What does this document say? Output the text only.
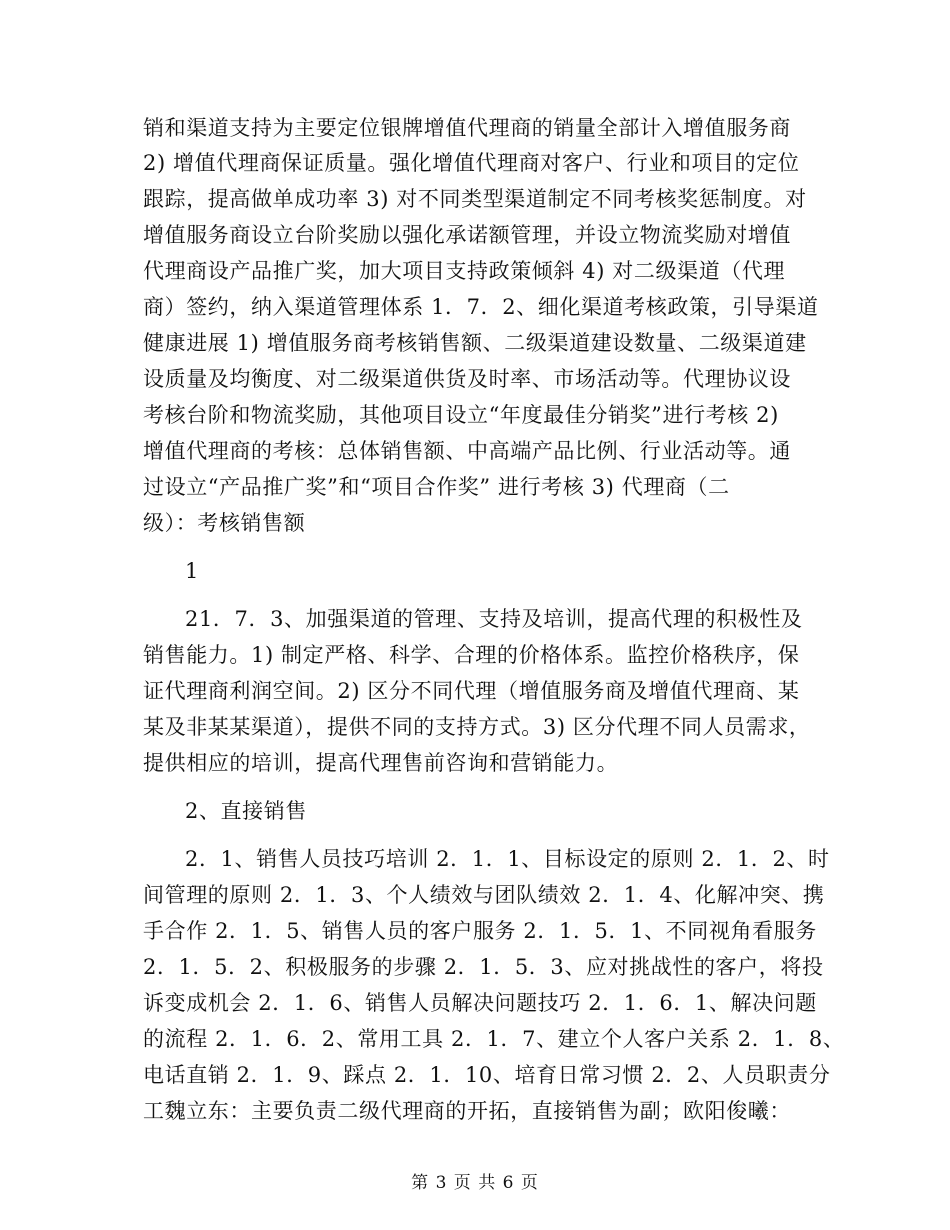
销和渠道支持为主要定位银牌增值代理商的销量全部计入增值服务商
2) 增值代理商保证质量。强化增值代理商对客户、行业和项目的定位
跟踪，提高做单成功率 3) 对不同类型渠道制定不同考核奖惩制度。对
增值服务商设立台阶奖励以强化承诺额管理，并设立物流奖励对增值
代理商设产品推广奖，加大项目支持政策倾斜 4) 对二级渠道（代理
商）签约，纳入渠道管理体系 1．7．2、细化渠道考核政策，引导渠道
健康进展 1) 增值服务商考核销售额、二级渠道建设数量、二级渠道建
设质量及均衡度、对二级渠道供货及时率、市场活动等。代理协议设
考核台阶和物流奖励，其他项目设立“年度最佳分销奖”进行考核 2)
增值代理商的考核：总体销售额、中高端产品比例、行业活动等。通
过设立“产品推广奖”和“项目合作奖” 进行考核 3) 代理商（二
级）：考核销售额
1
21．7．3、加强渠道的管理、支持及培训，提高代理的积极性及
销售能力。1) 制定严格、科学、合理的价格体系。监控价格秩序，保
证代理商利润空间。2) 区分不同代理（增值服务商及增值代理商、某
某及非某某渠道），提供不同的支持方式。3) 区分代理不同人员需求，
提供相应的培训，提高代理售前咨询和营销能力。
2、直接销售
2．1、销售人员技巧培训 2．1．1、目标设定的原则 2．1．2、时
间管理的原则 2．1．3、个人绩效与团队绩效 2．1．4、化解冲突、携
手合作 2．1．5、销售人员的客户服务 2．1．5．1、不同视角看服务
2．1．5．2、积极服务的步骤 2．1．5．3、应对挑战性的客户，将投
诉变成机会 2．1．6、销售人员解决问题技巧 2．1．6．1、解决问题
的流程 2．1．6．2、常用工具 2．1．7、建立个人客户关系 2．1．8、
电话直销 2．1．9、踩点 2．1．10、培育日常习惯 2．2、人员职责分
工魏立东：主要负责二级代理商的开拓，直接销售为副；欧阳俊曦：
第 3 页 共 6 页
